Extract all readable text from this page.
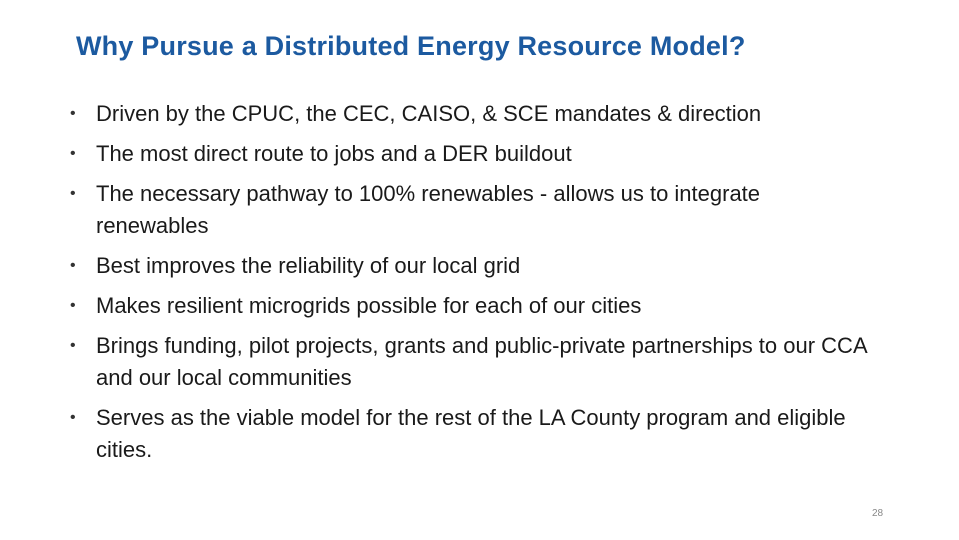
Why Pursue a Distributed Energy Resource Model?
• Driven by the CPUC, the CEC, CAISO, & SCE mandates & direction
• The most direct route to jobs and a DER buildout
• The necessary pathway to 100% renewables - allows us to integrate renewables
• Best improves the reliability of our local grid
• Makes resilient microgrids possible for each of our cities
• Brings funding, pilot projects, grants and public-private partnerships to our CCA and our local communities
• Serves as the viable model for the rest of the LA County program and eligible cities.
28
